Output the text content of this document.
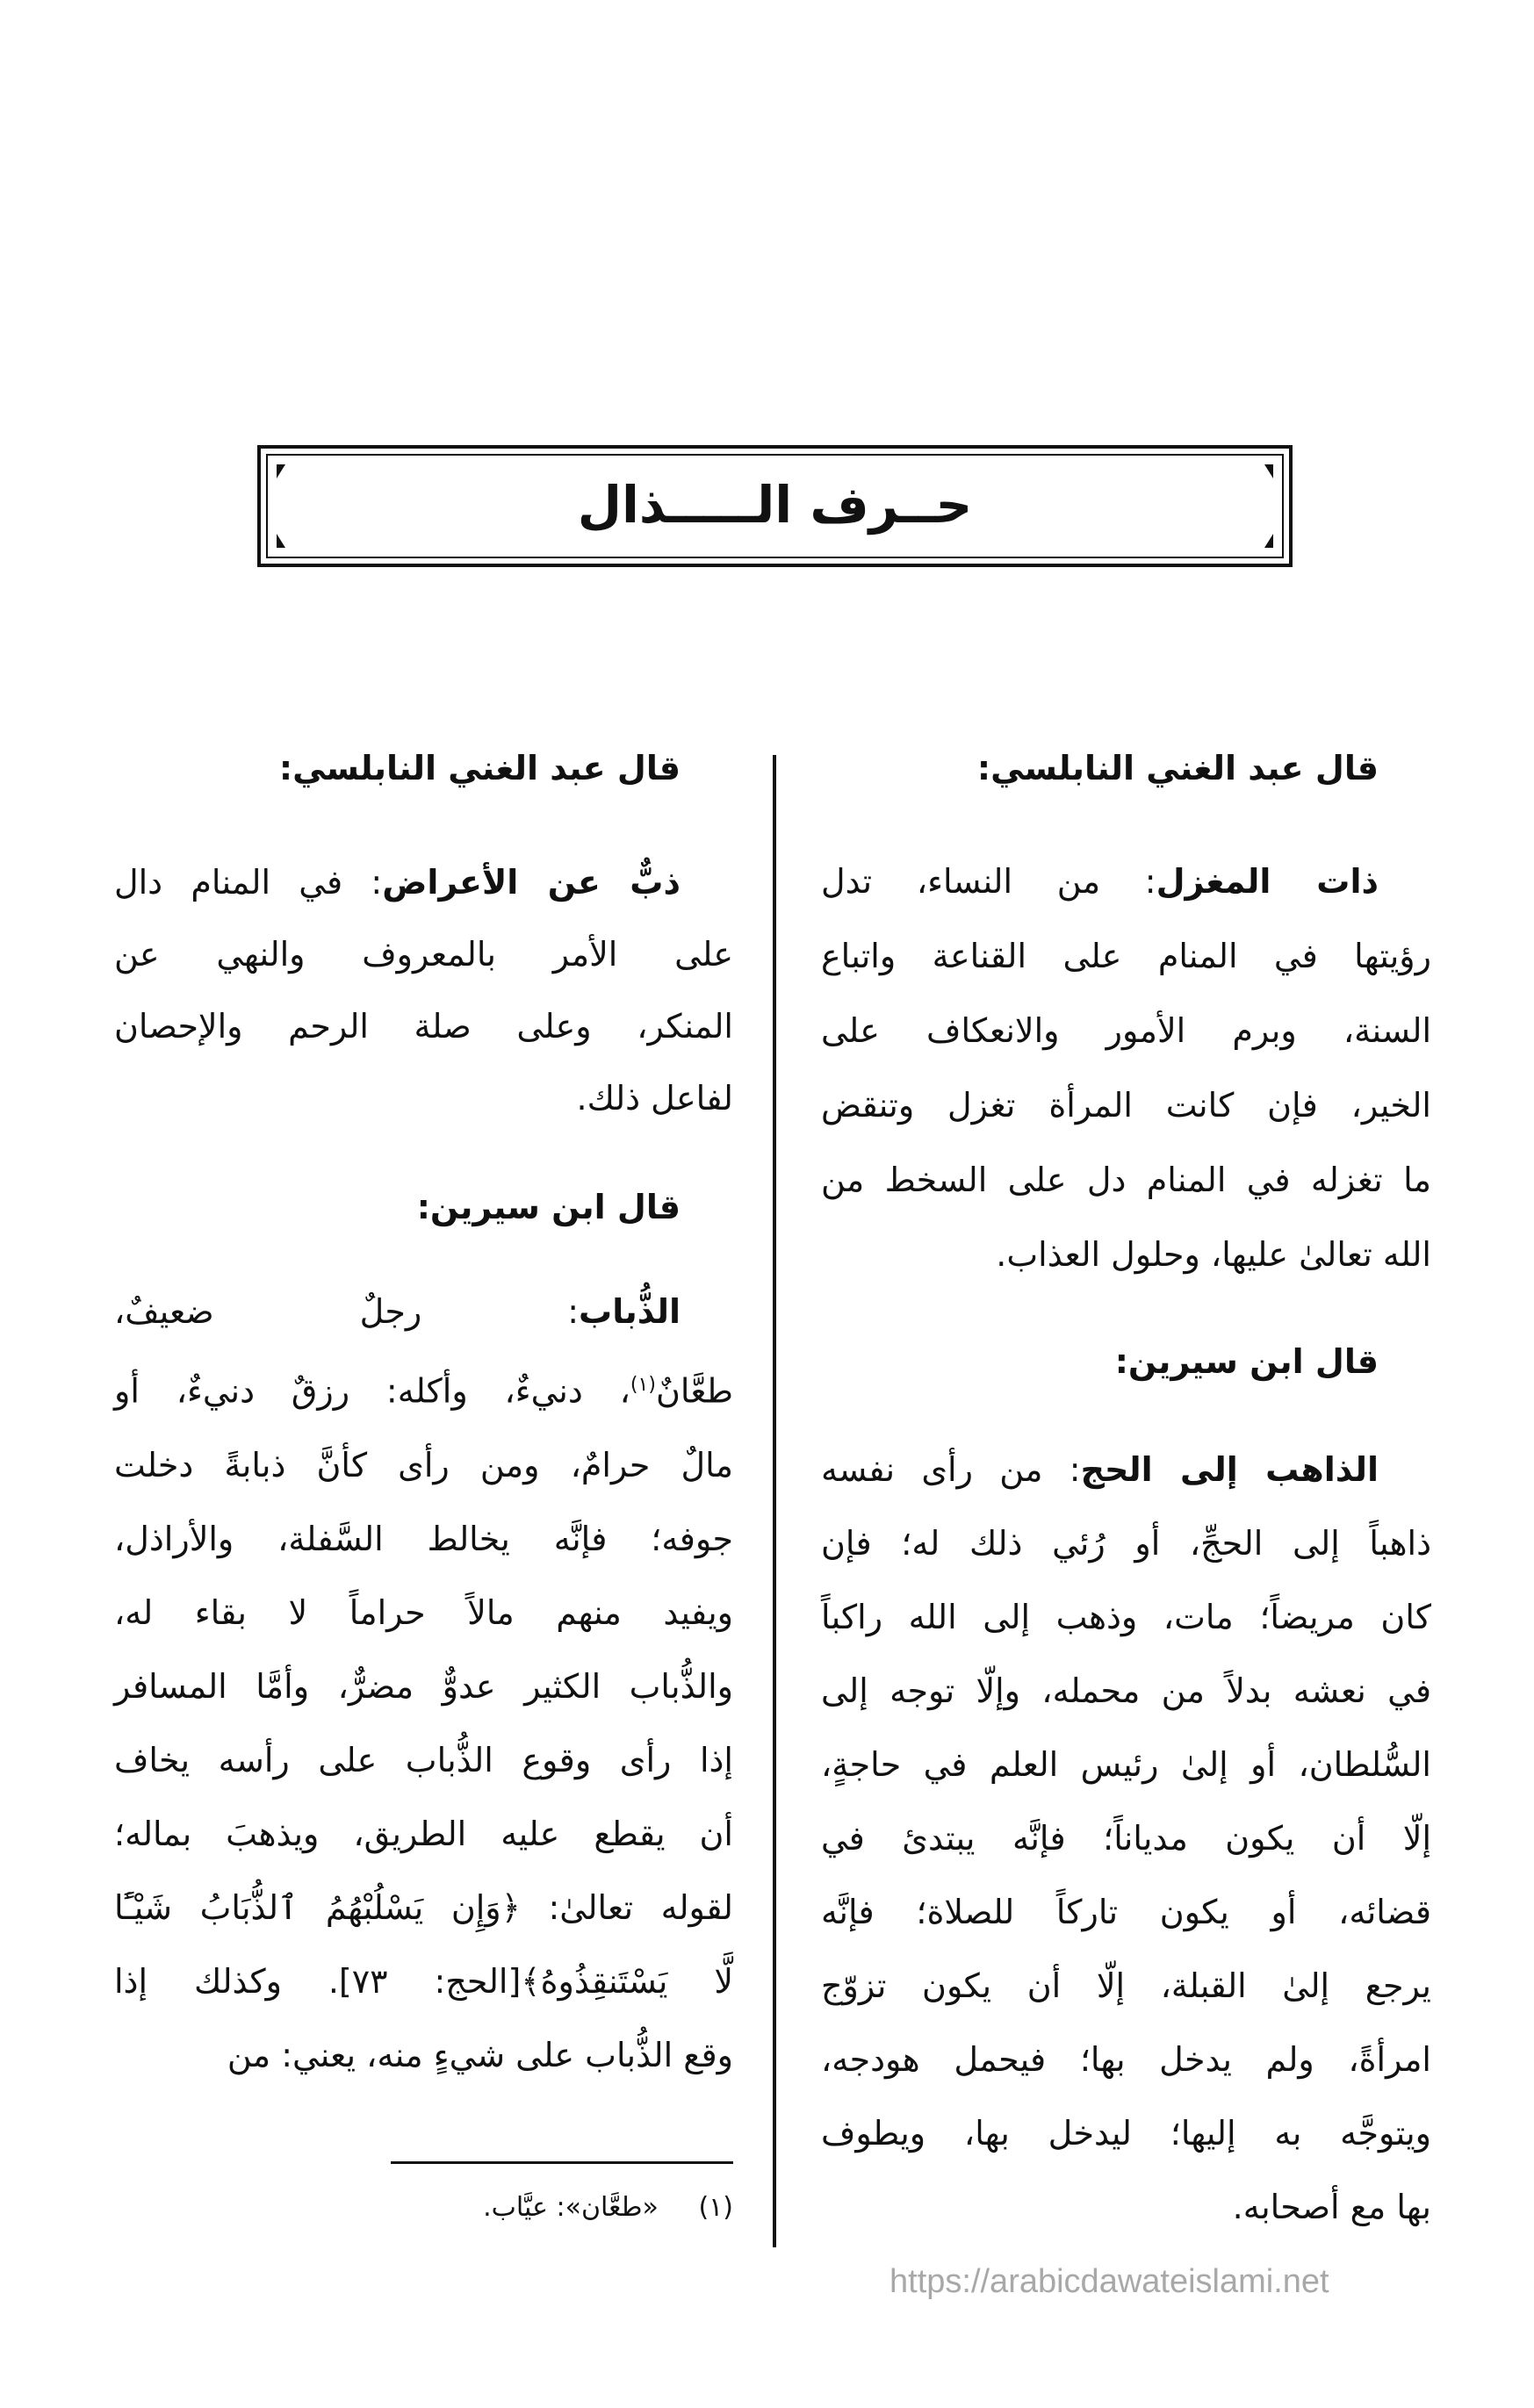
حــرف الـــــذال
قال عبد الغني النابلسي:
ذات المغزل: من النساء، تدل
رؤيتها في المنام على القناعة واتباع
السنة، وبرم الأمور والانعكاف على
الخير، فإن كانت المرأة تغزل وتنقض
ما تغزله في المنام دل على السخط من
الله تعالىٰ عليها، وحلول العذاب.
قال ابن سيرين:
الذاهب إلى الحج: من رأى نفسه
ذاهباً إلى الحجِّ، أو رُئي ذلك له؛ فإن
كان مريضاً؛ مات، وذهب إلى الله راكباً
في نعشه بدلاً من محمله، وإلّا توجه إلى
السُّلطان، أو إلىٰ رئيس العلم في حاجةٍ،
إلّا أن يكون مدياناً؛ فإنَّه يبتدئ في
قضائه، أو يكون تاركاً للصلاة؛ فإنَّه
يرجع إلىٰ القبلة، إلّا أن يكون تزوّج
امرأةً، ولم يدخل بها؛ فيحمل هودجه،
ويتوجَّه به إليها؛ ليدخل بها، ويطوف
بها مع أصحابه.
قال عبد الغني النابلسي:
ذبٌّ عن الأعراض: في المنام دال
على الأمر بالمعروف والنهي عن
المنكر، وعلى صلة الرحم والإحصان
لفاعل ذلك.
قال ابن سيرين:
الذُّباب: رجلٌ ضعيفٌ،
طعَّانٌ$^{(١)}$، دنيءٌ، وأكله: رزقٌ دنيءٌ، أو
مالٌ حرامٌ، ومن رأى كأنَّ ذبابةً دخلت
جوفه؛ فإنَّه يخالط السَّفلة، والأراذل،
ويفيد منهم مالاً حراماً لا بقاء له،
والذُّباب الكثير عدوٌّ مضرٌّ، وأمَّا المسافر
إذا رأى وقوع الذُّباب على رأسه يخاف
أن يقطع عليه الطريق، ويذهبَ بماله؛
لقوله تعالىٰ: ﴿وَإِن يَسْلُبْهُمُ ٱلذُّبَابُ شَيْـًٔا
لَّا يَسْتَنقِذُوهُ﴾[الحج: ٧٣]. وكذلك إذا
وقع الذُّباب على شيءٍ منه، يعني: من
(١) «طعَّان»: عيَّاب.
https://arabicdawateislami.net
